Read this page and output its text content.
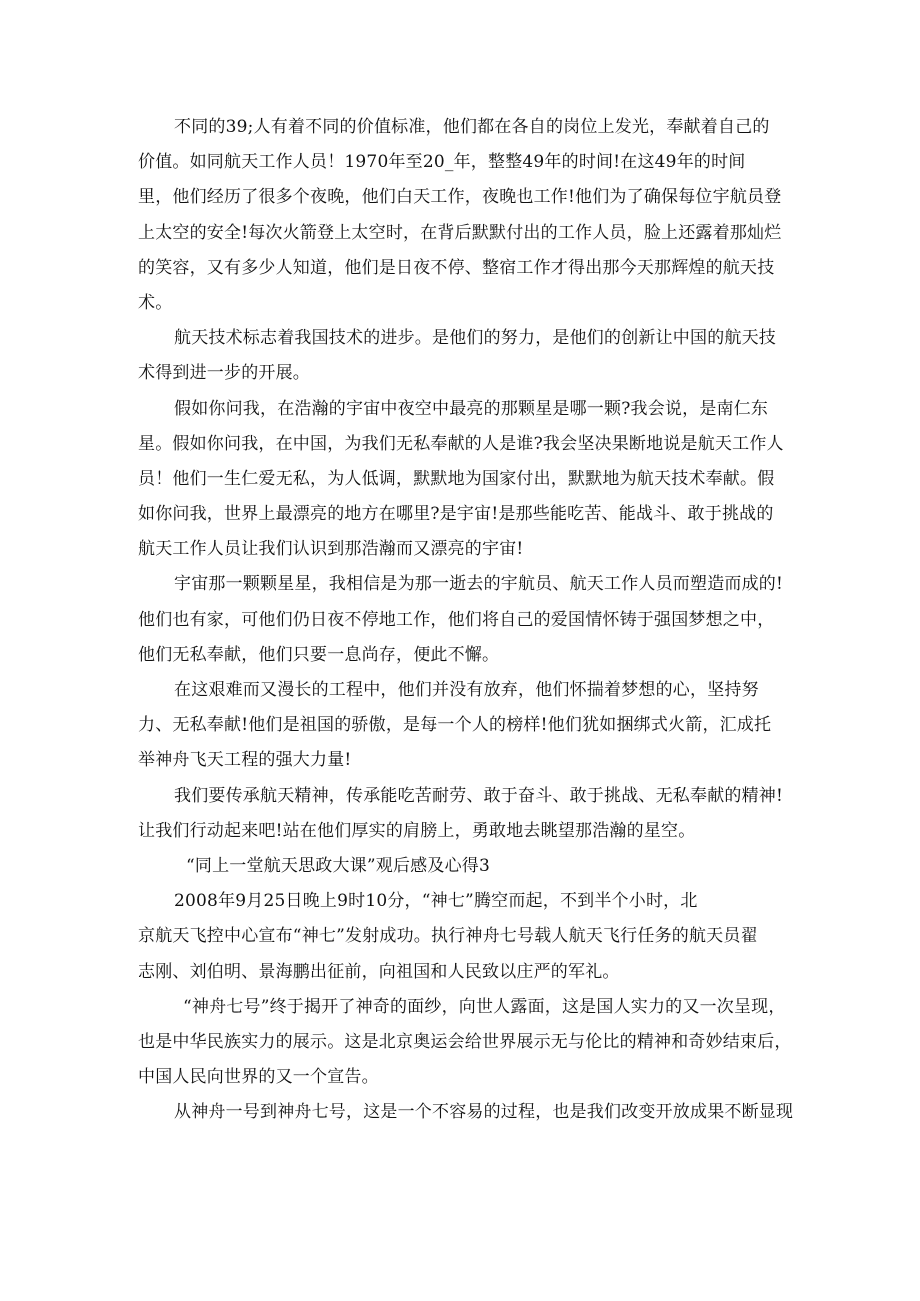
不同的39;人有着不同的价值标准，他们都在各自的岗位上发光，奉献着自己的
价值。如同航天工作人员！1970年至20_年，整整49年的时间!在这49年的时间
里，他们经历了很多个夜晚，他们白天工作，夜晚也工作!他们为了确保每位宇航员登
上太空的安全!每次火箭登上太空时，在背后默默付出的工作人员，脸上还露着那灿烂
的笑容，又有多少人知道，他们是日夜不停、整宿工作才得出那今天那辉煌的航天技
术。
航天技术标志着我国技术的进步。是他们的努力，是他们的创新让中国的航天技
术得到进一步的开展。
假如你问我，在浩瀚的宇宙中夜空中最亮的那颗星是哪一颗?我会说，是南仁东
星。假如你问我，在中国，为我们无私奉献的人是谁?我会坚决果断地说是航天工作人
员！他们一生仁爱无私，为人低调，默默地为国家付出，默默地为航天技术奉献。假
如你问我，世界上最漂亮的地方在哪里?是宇宙!是那些能吃苦、能战斗、敢于挑战的
航天工作人员让我们认识到那浩瀚而又漂亮的宇宙!
宇宙那一颗颗星星，我相信是为那一逝去的宇航员、航天工作人员而塑造而成的!
他们也有家，可他们仍日夜不停地工作，他们将自己的爱国情怀铸于强国梦想之中，
他们无私奉献，他们只要一息尚存，便此不懈。
在这艰难而又漫长的工程中，他们并没有放弃，他们怀揣着梦想的心，坚持努
力、无私奉献!他们是祖国的骄傲，是每一个人的榜样!他们犹如捆绑式火箭，汇成托
举神舟飞天工程的强大力量!
我们要传承航天精神，传承能吃苦耐劳、敢于奋斗、敢于挑战、无私奉献的精神!
让我们行动起来吧!站在他们厚实的肩膀上，勇敢地去眺望那浩瀚的星空。
“同上一堂航天思政大课”观后感及心得3
2008年9月25日晚上9时10分，“神七”腾空而起，不到半个小时，北
京航天飞控中心宣布“神七”发射成功。执行神舟七号载人航天飞行任务的航天员翟
志刚、刘伯明、景海鹏出征前，向祖国和人民致以庄严的军礼。
“神舟七号”终于揭开了神奇的面纱，向世人露面，这是国人实力的又一次呈现，
也是中华民族实力的展示。这是北京奥运会给世界展示无与伦比的精神和奇妙结束后，
中国人民向世界的又一个宣告。
从神舟一号到神舟七号，这是一个不容易的过程，也是我们改变开放成果不断显现
